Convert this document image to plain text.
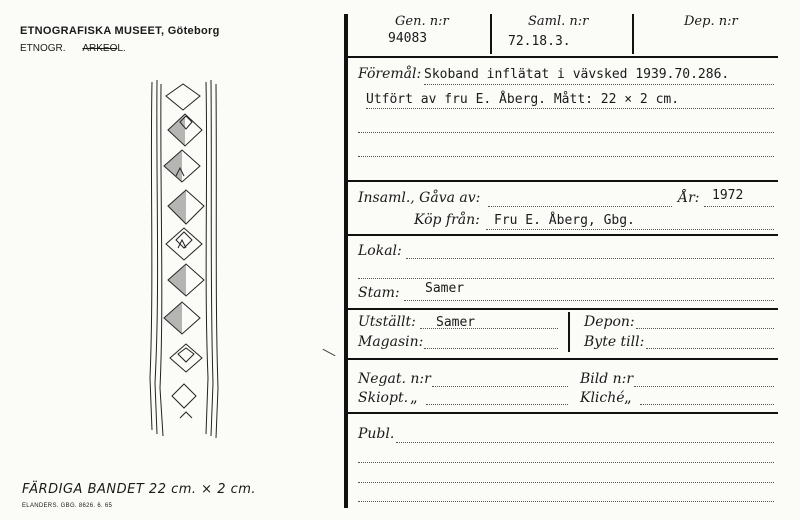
ETNOGRAFISKA MUSEET, Göteborg
ETNOGR. ARKEOL.
FÄRDIGA BANDET 22 cm. × 2 cm.
ELANDERS. GBG. 8626. 6. 65
Gen. n:r
94083
Saml. n:r
72.18.3.
Dep. n:r
Föremål: Skoband inflätat i vävsked 1939.70.286.
Utfört av fru E. Åberg. Mått: 22 × 2 cm.
Insaml., Gåva av:	År: 1972
Köp från: Fru E. Åberg, Gbg.
Lokal:
Stam: Samer
Utställt: Samer	Depon:
Magasin:	Byte till:
Negat. n:r	Bild n:r
Skiopt. „	Kliché „
Publ.
